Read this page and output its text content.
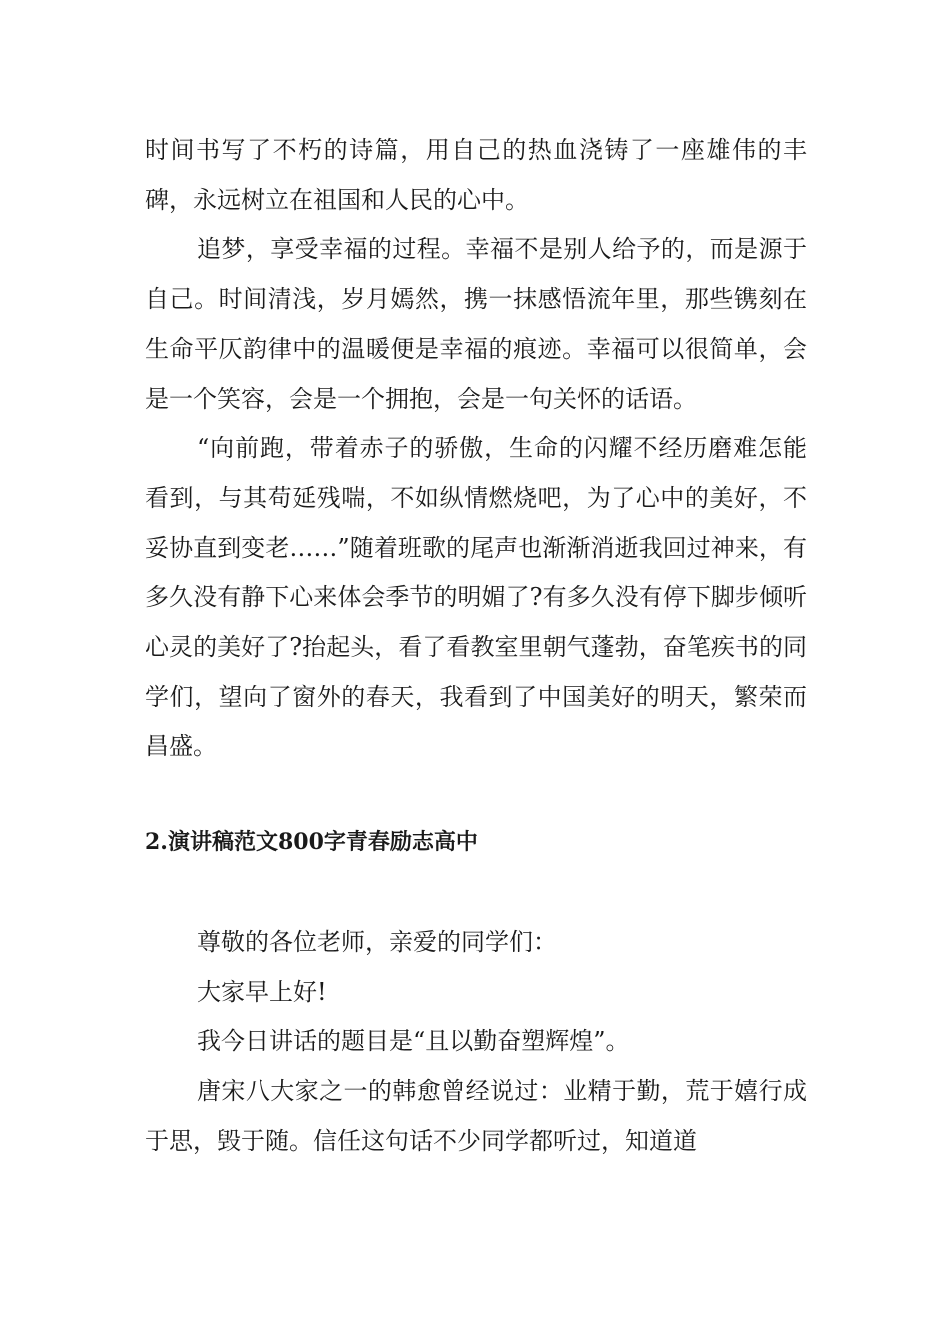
时间书写了不朽的诗篇，用自己的热血浇铸了一座雄伟的丰碑，永远树立在祖国和人民的心中。

追梦，享受幸福的过程。幸福不是别人给予的，而是源于自己。时间清浅，岁月嫣然，携一抹感悟流年里，那些镌刻在生命平仄韵律中的温暖便是幸福的痕迹。幸福可以很简单，会是一个笑容，会是一个拥抱，会是一句关怀的话语。

“向前跑，带着赤子的骄傲，生命的闪耀不经历磨难怎能看到，与其苟延残喘，不如纵情燃烧吧，为了心中的美好，不妥协直到变老……”随着班歌的尾声也渐渐消逝我回过神来，有多久没有静下心来体会季节的明媚了?有多久没有停下脚步倾听心灵的美好了?抬起头，看了看教室里朝气蓬勃，奋笔疾书的同学们，望向了窗外的春天，我看到了中国美好的明天，繁荣而昌盛。

2.演讲稿范文800字青春励志高中

尊敬的各位老师，亲爱的同学们：

大家早上好!

我今日讲话的题目是“且以勤奋塑辉煌”。

唐宋八大家之一的韩愈曾经说过：业精于勤，荒于嬉行成于思，毁于随。信任这句话不少同学都听过，知道道
